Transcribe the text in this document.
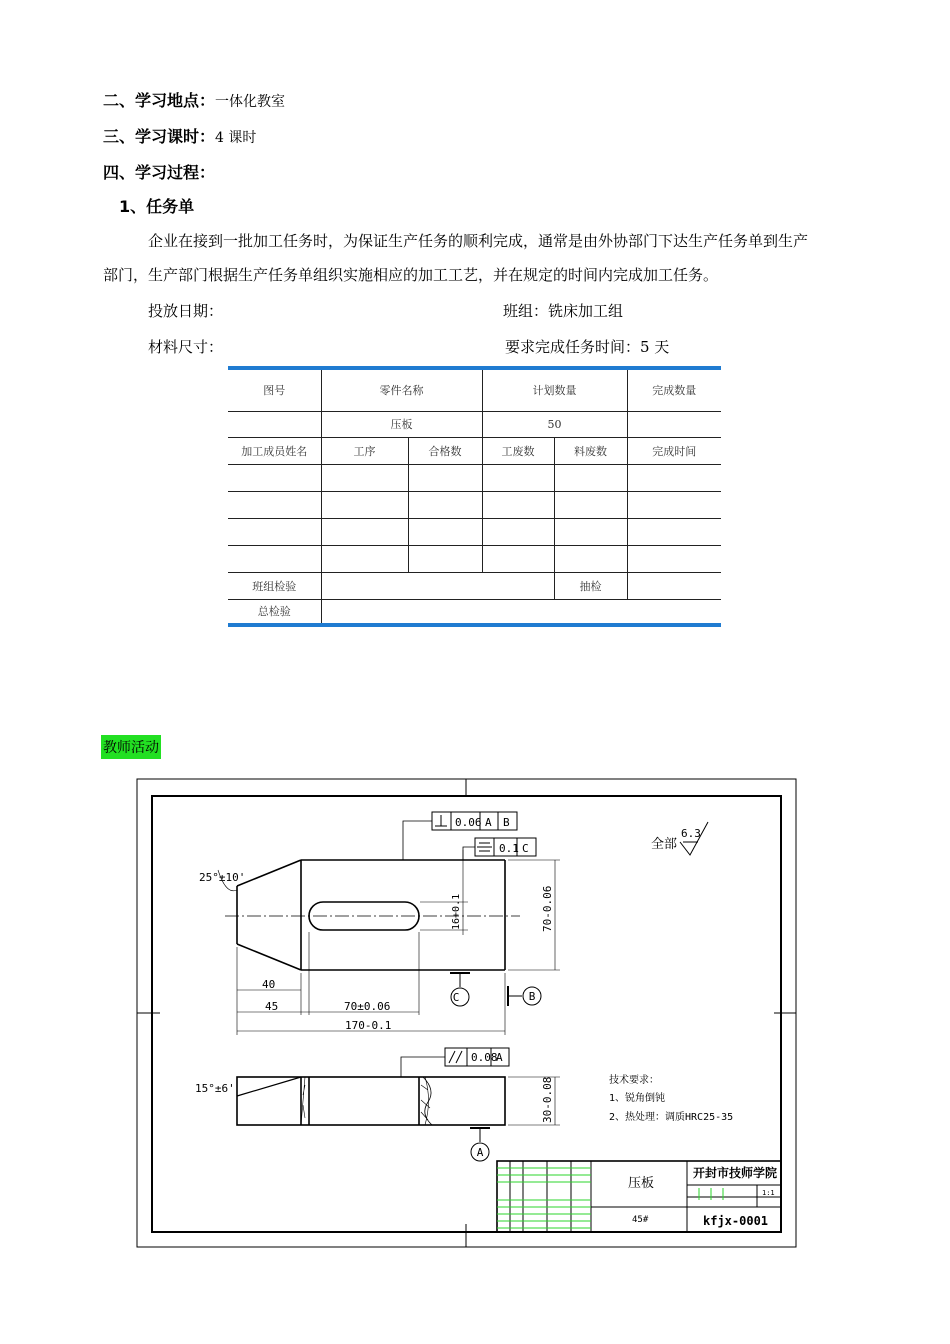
二、学习地点：一体化教室
三、学习课时：4 课时
四、学习过程：
1、任务单
企业在接到一批加工任务时，为保证生产任务的顺利完成，通常是由外协部门下达生产任务单到生产
部门，生产部门根据生产任务单组织实施相应的加工工艺，并在规定的时间内完成加工任务。
投放日期：	班组：铣床加工组
材料尺寸：	要求完成任务时间：5 天
图号	零件名称		计划数量		完成数量
	压板		50		
加工成员姓名	工序	合格数	工废数	料废数	完成时间

班组检验				抽检	
总检验					
教师活动
0.06 A B
0.1 C	全部
6.3
25°±10'
40
45	70±0.06
170-0.1
16+0.1	70-0.06
C	B
0.08
A
15°±6'	30-0.08
A
技术要求：
1、锐角倒钝
2、热处理：调质HRC25-35
压板
45#
开封市技师学院
1:1
kfjx-0001
